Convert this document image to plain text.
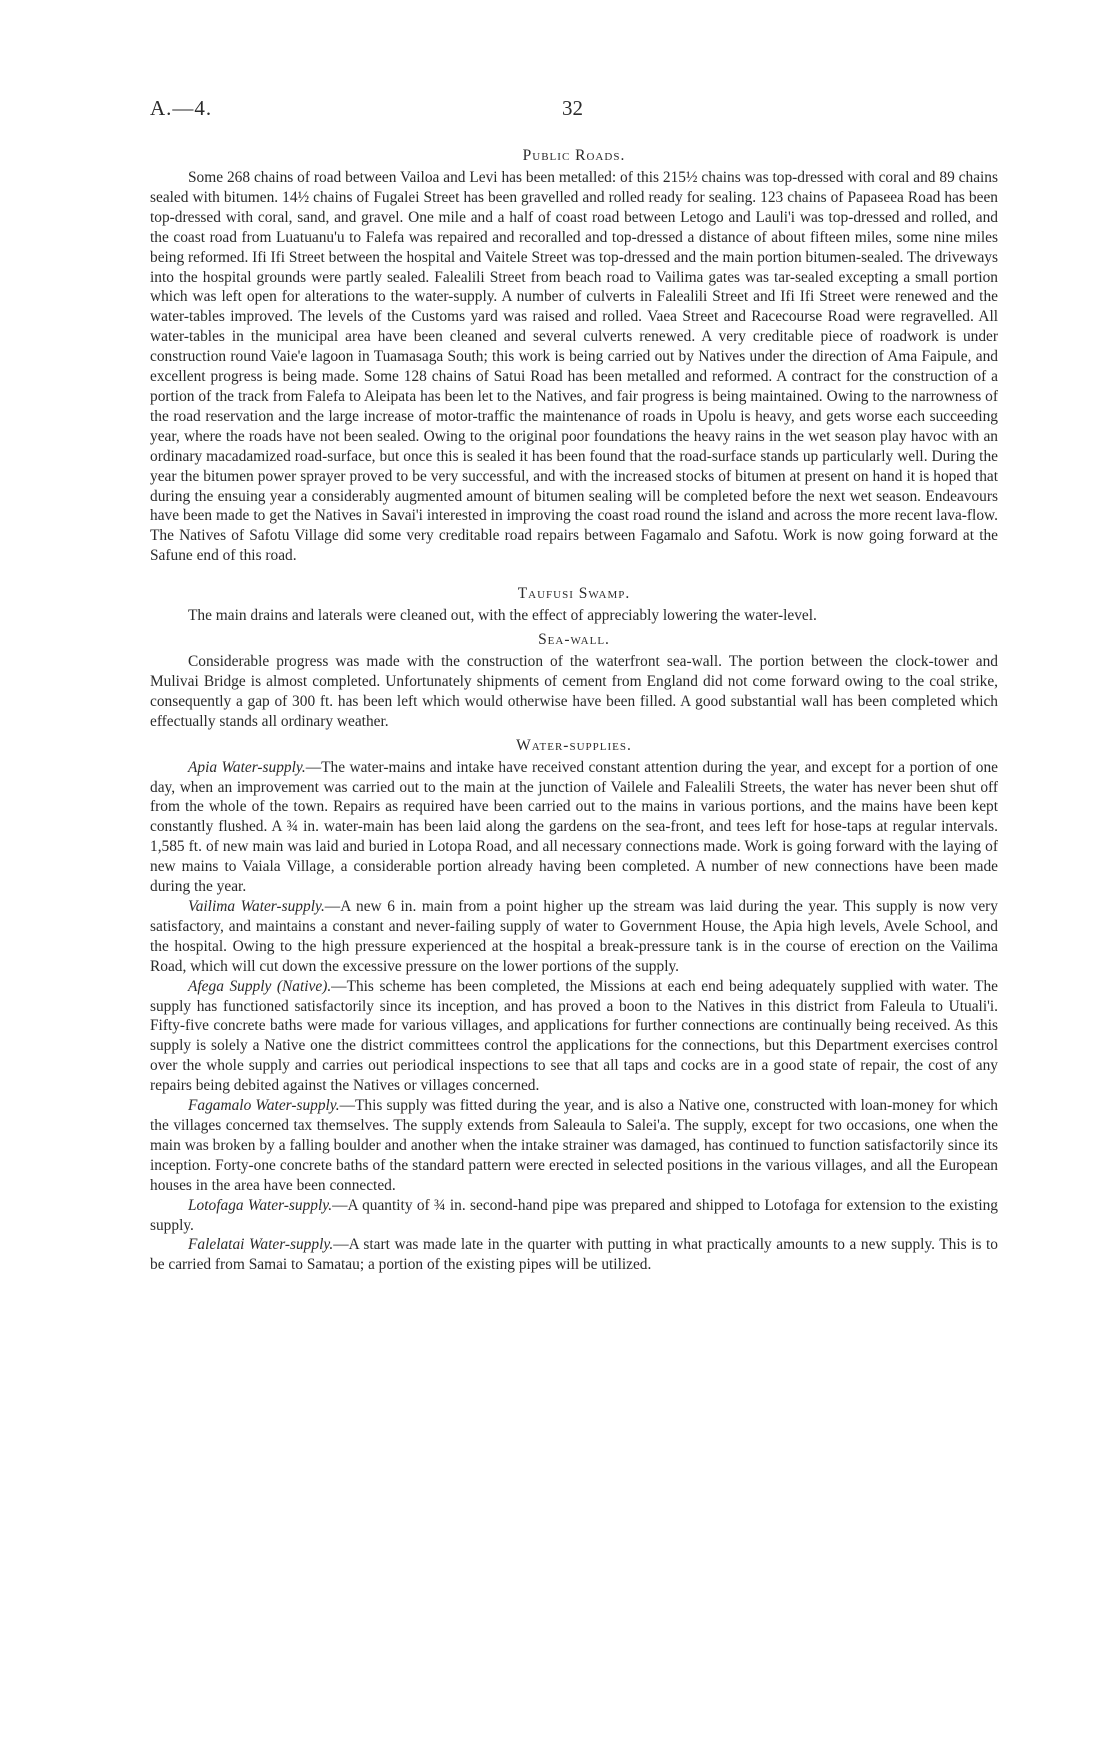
A.—4.	32
Public Roads.

Some 268 chains of road between Vailoa and Levi has been metalled: of this 215½ chains was top-dressed with coral and 89 chains sealed with bitumen. 14½ chains of Fugalei Street has been gravelled and rolled ready for sealing. 123 chains of Papaseea Road has been top-dressed with coral, sand, and gravel. One mile and a half of coast road between Letogo and Lauli'i was top-dressed and rolled, and the coast road from Luatuanu'u to Falefa was repaired and recoralled and top-dressed a distance of about fifteen miles, some nine miles being reformed. Ifi Ifi Street between the hospital and Vaitele Street was top-dressed and the main portion bitumen-sealed. The driveways into the hospital grounds were partly sealed. Falealili Street from beach road to Vailima gates was tar-sealed excepting a small portion which was left open for alterations to the water-supply. A number of culverts in Falealili Street and Ifi Ifi Street were renewed and the water-tables improved. The levels of the Customs yard was raised and rolled. Vaea Street and Racecourse Road were regravelled. All water-tables in the municipal area have been cleaned and several culverts renewed. A very creditable piece of roadwork is under construction round Vaie'e lagoon in Tuamasaga South; this work is being carried out by Natives under the direction of Ama Faipule, and excellent progress is being made. Some 128 chains of Satui Road has been metalled and reformed. A contract for the construction of a portion of the track from Falefa to Aleipata has been let to the Natives, and fair progress is being maintained. Owing to the narrowness of the road reservation and the large increase of motor-traffic the maintenance of roads in Upolu is heavy, and gets worse each succeeding year, where the roads have not been sealed. Owing to the original poor foundations the heavy rains in the wet season play havoc with an ordinary macadamized road-surface, but once this is sealed it has been found that the road-surface stands up particularly well. During the year the bitumen power sprayer proved to be very successful, and with the increased stocks of bitumen at present on hand it is hoped that during the ensuing year a considerably augmented amount of bitumen sealing will be completed before the next wet season. Endeavours have been made to get the Natives in Savai'i interested in improving the coast road round the island and across the more recent lava-flow. The Natives of Safotu Village did some very creditable road repairs between Fagamalo and Safotu. Work is now going forward at the Safune end of this road.

Taufusi Swamp.

The main drains and laterals were cleaned out, with the effect of appreciably lowering the water-level.

Sea-wall.

Considerable progress was made with the construction of the waterfront sea-wall. The portion between the clock-tower and Mulivai Bridge is almost completed. Unfortunately shipments of cement from England did not come forward owing to the coal strike, consequently a gap of 300 ft. has been left which would otherwise have been filled. A good substantial wall has been completed which effectually stands all ordinary weather.

Water-supplies.

Apia Water-supply.—The water-mains and intake have received constant attention during the year, and except for a portion of one day, when an improvement was carried out to the main at the junction of Vailele and Falealili Streets, the water has never been shut off from the whole of the town. Repairs as required have been carried out to the mains in various portions, and the mains have been kept constantly flushed. A ¾ in. water-main has been laid along the gardens on the sea-front, and tees left for hose-taps at regular intervals. 1,585 ft. of new main was laid and buried in Lotopa Road, and all necessary connections made. Work is going forward with the laying of new mains to Vaiala Village, a considerable portion already having been completed. A number of new connections have been made during the year.

Vailima Water-supply.—A new 6 in. main from a point higher up the stream was laid during the year. This supply is now very satisfactory, and maintains a constant and never-failing supply of water to Government House, the Apia high levels, Avele School, and the hospital. Owing to the high pressure experienced at the hospital a break-pressure tank is in the course of erection on the Vailima Road, which will cut down the excessive pressure on the lower portions of the supply.

Afega Supply (Native).—This scheme has been completed, the Missions at each end being adequately supplied with water. The supply has functioned satisfactorily since its inception, and has proved a boon to the Natives in this district from Faleula to Utuali'i. Fifty-five concrete baths were made for various villages, and applications for further connections are continually being received. As this supply is solely a Native one the district committees control the applications for the connections, but this Department exercises control over the whole supply and carries out periodical inspections to see that all taps and cocks are in a good state of repair, the cost of any repairs being debited against the Natives or villages concerned.

Fagamalo Water-supply.—This supply was fitted during the year, and is also a Native one, constructed with loan-money for which the villages concerned tax themselves. The supply extends from Saleaula to Salei'a. The supply, except for two occasions, one when the main was broken by a falling boulder and another when the intake strainer was damaged, has continued to function satisfactorily since its inception. Forty-one concrete baths of the standard pattern were erected in selected positions in the various villages, and all the European houses in the area have been connected.

Lotofaga Water-supply.—A quantity of ¾ in. second-hand pipe was prepared and shipped to Lotofaga for extension to the existing supply.

Falelatai Water-supply.—A start was made late in the quarter with putting in what practically amounts to a new supply. This is to be carried from Samai to Samatau; a portion of the existing pipes will be utilized.
